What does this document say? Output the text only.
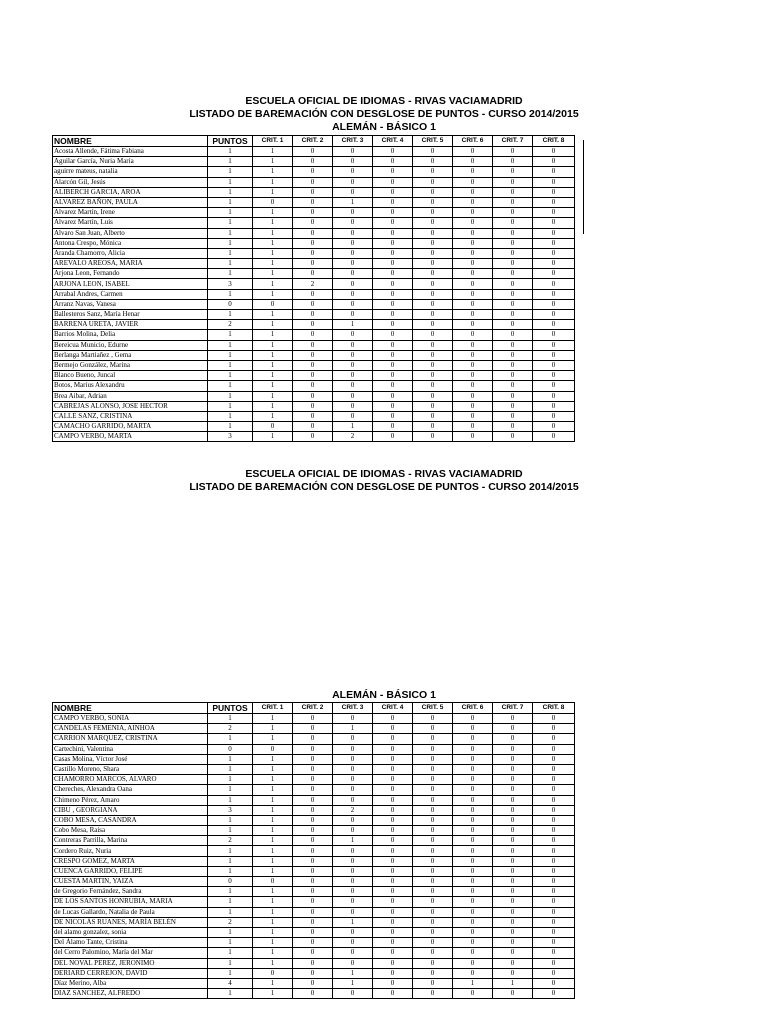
ESCUELA OFICIAL DE IDIOMAS - RIVAS VACIAMADRID
LISTADO DE BAREMACIÓN CON DESGLOSE DE PUNTOS - CURSO 2014/2015
ALEMÁN - BÁSICO 1
NOMBRE	PUNTOS	CRIT. 1	CRIT. 2	CRIT. 3	CRIT. 4	CRIT. 5	CRIT. 6	CRIT. 7	CRIT. 8
Acosta Allende, Fátima Fabiana	1	1	0	0	0	0	0	0	0
Aguilar García, Nuria María	1	1	0	0	0	0	0	0	0
aguirre mateus, natalia	1	1	0	0	0	0	0	0	0
Alarcón Gil, Jesús	1	1	0	0	0	0	0	0	0
ALIBERCH GARCIA, AROA	1	1	0	0	0	0	0	0	0
ALVAREZ BAÑON, PAULA	1	0	0	1	0	0	0	0	0
Alvarez Martín, Irene	1	1	0	0	0	0	0	0	0
Alvarez Martín, Luis	1	1	0	0	0	0	0	0	0
Alvaro San Juan, Alberto	1	1	0	0	0	0	0	0	0
Antona Crespo, Mónica	1	1	0	0	0	0	0	0	0
Aranda Chamorro, Alicia	1	1	0	0	0	0	0	0	0
AREVALO AREOSA, MARIA	1	1	0	0	0	0	0	0	0
Arjona Leon, Fernando	1	1	0	0	0	0	0	0	0
ARJONA LEON, ISABEL	3	1	2	0	0	0	0	0	0
Arrabal Andres, Carmen	1	1	0	0	0	0	0	0	0
Arranz Navas, Vanesa	0	0	0	0	0	0	0	0	0
Ballesteros Sanz, María Henar	1	1	0	0	0	0	0	0	0
BARRENA URETA, JAVIER	2	1	0	1	0	0	0	0	0
Barrios Molina, Delia	1	1	0	0	0	0	0	0	0
Bereicua Municio, Edurne	1	1	0	0	0	0	0	0	0
Berlanga Martiañez , Gema	1	1	0	0	0	0	0	0	0
Bermejo González, Marina	1	1	0	0	0	0	0	0	0
Blanco Bueno, Juncal	1	1	0	0	0	0	0	0	0
Botos, Marius Alexandru	1	1	0	0	0	0	0	0	0
Brea Aibar, Adrian	1	1	0	0	0	0	0	0	0
CABREJAS ALONSO, JOSE HECTOR	1	1	0	0	0	0	0	0	0
CALLE SANZ, CRISTINA	1	1	0	0	0	0	0	0	0
CAMACHO GARRIDO, MARTA	1	0	0	1	0	0	0	0	0
CAMPO VERBO, MARTA	3	1	0	2	0	0	0	0	0
ESCUELA OFICIAL DE IDIOMAS - RIVAS VACIAMADRID
LISTADO DE BAREMACIÓN CON DESGLOSE DE PUNTOS - CURSO 2014/2015
ALEMÁN - BÁSICO 1
NOMBRE	PUNTOS	CRIT. 1	CRIT. 2	CRIT. 3	CRIT. 4	CRIT. 5	CRIT. 6	CRIT. 7	CRIT. 8
CAMPO VERBO, SONIA	1	1	0	0	0	0	0	0	0
CANDELAS FEMENIA, AINHOA	2	1	0	1	0	0	0	0	0
CARRION MARQUEZ, CRISTINA	1	1	0	0	0	0	0	0	0
Cartechini, Valentina	0	0	0	0	0	0	0	0	0
Casas Molina, Víctor José	1	1	0	0	0	0	0	0	0
Castillo Moreno, Shara	1	1	0	0	0	0	0	0	0
CHAMORRO MARCOS, ALVARO	1	1	0	0	0	0	0	0	0
Chereches, Alexandra Oana	1	1	0	0	0	0	0	0	0
Chimeno Pérez, Amaro	1	1	0	0	0	0	0	0	0
CIBU , GEORGIANA	3	1	0	2	0	0	0	0	0
COBO MESA, CASANDRA	1	1	0	0	0	0	0	0	0
Cobo Mesa, Raisa	1	1	0	0	0	0	0	0	0
Contreras Parrilla, Marina	2	1	0	1	0	0	0	0	0
Cordero Ruiz, Nuria	1	1	0	0	0	0	0	0	0
CRESPO GOMEZ, MARTA	1	1	0	0	0	0	0	0	0
CUENCA GARRIDO, FELIPE	1	1	0	0	0	0	0	0	0
CUESTA MARTIN, YAIZA	0	0	0	0	0	0	0	0	0
de Gregorio Fernández, Sandra	1	1	0	0	0	0	0	0	0
DE LOS SANTOS HONRUBIA, MARIA	1	1	0	0	0	0	0	0	0
de Lucas Gallardo, Natalia de Paula	1	1	0	0	0	0	0	0	0
DE NICOLÁS RUANES, MARÍA BELÉN	2	1	0	1	0	0	0	0	0
del alamo gonzalez, sonia	1	1	0	0	0	0	0	0	0
Del Álamo Tante, Cristina	1	1	0	0	0	0	0	0	0
del Cerro Palomino, María del Mar	1	1	0	0	0	0	0	0	0
DEL NOVAL PEREZ, JERONIMO	1	1	0	0	0	0	0	0	0
DERIARD CERREJON, DAVID	1	0	0	1	0	0	0	0	0
Díaz Merino, Alba	4	1	0	1	0	0	1	1	0
DIAZ SANCHEZ, ALFREDO	1	1	0	0	0	0	0	0	0
